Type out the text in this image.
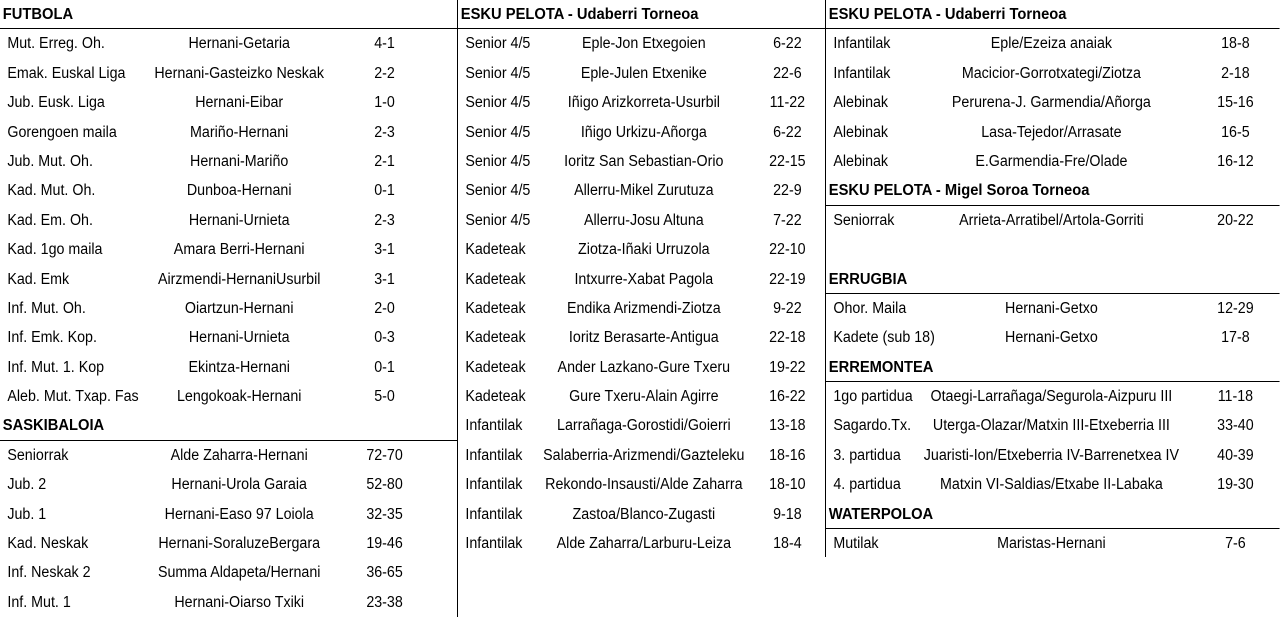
FUTBOLA
Mut. Erreg. Oh.	Hernani-Getaria	4-1
Emak. Euskal Liga	Hernani-Gasteizko Neskak	2-2
Jub. Eusk. Liga	Hernani-Eibar	1-0
Gorengoen maila	Mariño-Hernani	2-3
Jub. Mut. Oh.	Hernani-Mariño	2-1
Kad. Mut. Oh.	Dunboa-Hernani	0-1
Kad. Em. Oh.	Hernani-Urnieta	2-3
Kad. 1go maila	Amara Berri-Hernani	3-1
Kad. Emk	Airzmendi-HernaniUsurbil	3-1
Inf. Mut. Oh.	Oiartzun-Hernani	2-0
Inf. Emk. Kop.	Hernani-Urnieta	0-3
Inf. Mut. 1. Kop	Ekintza-Hernani	0-1
Aleb. Mut. Txap. Fas	Lengokoak-Hernani	5-0
SASKIBALOIA
Seniorrak	Alde Zaharra-Hernani	72-70
Jub. 2	Hernani-Urola Garaia	52-80
Jub. 1	Hernani-Easo 97 Loiola	32-35
Kad. Neskak	Hernani-SoraluzeBergara	19-46
Inf. Neskak 2	Summa Aldapeta/Hernani	36-65
Inf. Mut. 1	Hernani-Oiarso Txiki	23-38
ESKU PELOTA - Udaberri Torneoa
Senior 4/5	Eple-Jon Etxegoien	6-22
Senior 4/5	Eple-Julen Etxenike	22-6
Senior 4/5	Iñigo Arizkorreta-Usurbil	11-22
Senior 4/5	Iñigo Urkizu-Añorga	6-22
Senior 4/5	Ioritz San Sebastian-Orio	22-15
Senior 4/5	Allerru-Mikel Zurutuza	22-9
Senior 4/5	Allerru-Josu Altuna	7-22
Kadeteak	Ziotza-Iñaki Urruzola	22-10
Kadeteak	Intxurre-Xabat Pagola	22-19
Kadeteak	Endika Arizmendi-Ziotza	9-22
Kadeteak	Ioritz Berasarte-Antigua	22-18
Kadeteak	Ander Lazkano-Gure Txeru	19-22
Kadeteak	Gure Txeru-Alain Agirre	16-22
Infantilak	Larrañaga-Gorostidi/Goierri	13-18
Infantilak	Salaberria-Arizmendi/Gazteleku	18-16
Infantilak	Rekondo-Insausti/Alde Zaharra	18-10
Infantilak	Zastoa/Blanco-Zugasti	9-18
Infantilak	Alde Zaharra/Larburu-Leiza	18-4
ESKU PELOTA - Udaberri Torneoa
Infantilak	Eple/Ezeiza anaiak	18-8
Infantilak	Macicior-Gorrotxategi/Ziotza	2-18
Alebinak	Perurena-J. Garmendia/Añorga	15-16
Alebinak	Lasa-Tejedor/Arrasate	16-5
Alebinak	E.Garmendia-Fre/Olade	16-12
ESKU PELOTA - Migel Soroa Torneoa
Seniorrak	Arrieta-Arratibel/Artola-Gorriti	20-22
ERRUGBIA
Ohor. Maila	Hernani-Getxo	12-29
Kadete (sub 18)	Hernani-Getxo	17-8
ERREMONTEA
1go partidua	Otaegi-Larrañaga/Segurola-Aizpuru III	11-18
Sagardo.Tx.	Uterga-Olazar/Matxin III-Etxeberria III	33-40
3. partidua	Juaristi-Ion/Etxeberria IV-Barrenetxea IV	40-39
4. partidua	Matxin VI-Saldias/Etxabe II-Labaka	19-30
WATERPOLOA
Mutilak	Maristas-Hernani	7-6
